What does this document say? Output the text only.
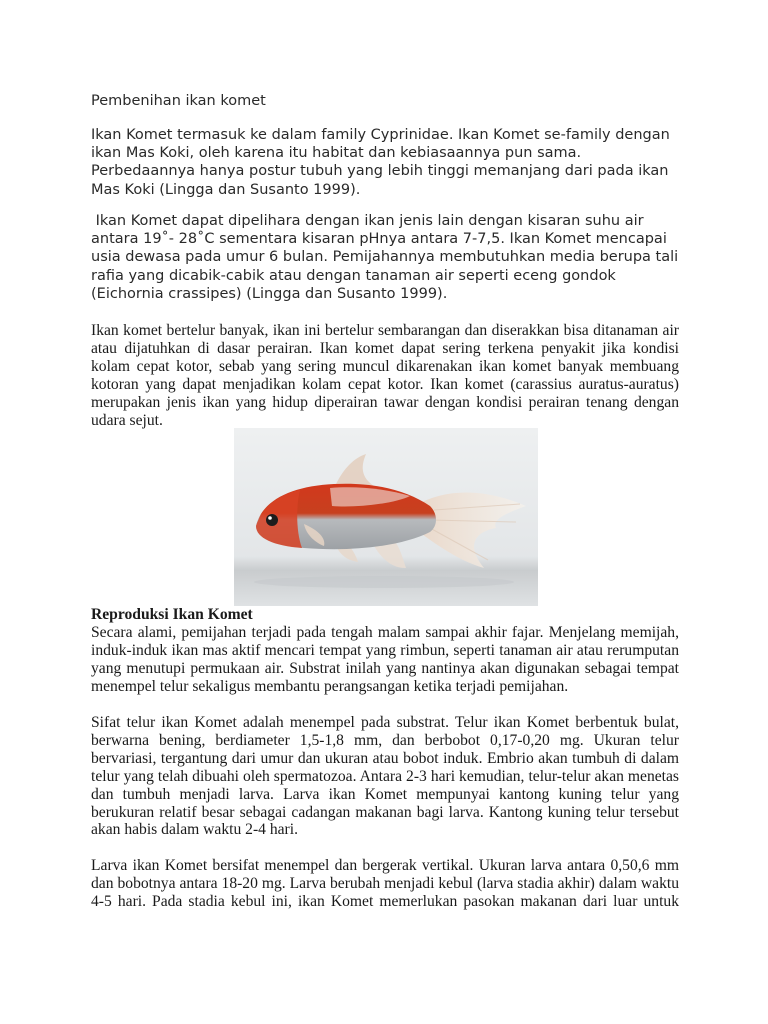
Pembenihan ikan komet

Ikan Komet termasuk ke dalam family Cyprinidae. Ikan Komet se-family dengan ikan Mas Koki, oleh karena itu habitat dan kebiasaannya pun sama. Perbedaannya hanya postur tubuh yang lebih tinggi memanjang dari pada ikan Mas Koki (Lingga dan Susanto 1999).

Ikan Komet dapat dipelihara dengan ikan jenis lain dengan kisaran suhu air antara 19˚- 28˚C sementara kisaran pHnya antara 7-7,5. Ikan Komet mencapai usia dewasa pada umur 6 bulan. Pemijahannya membutuhkan media berupa tali rafia yang dicabik-cabik atau dengan tanaman air seperti eceng gondok (Eichornia crassipes) (Lingga dan Susanto 1999).

Ikan komet bertelur banyak, ikan ini bertelur sembarangan dan diserakkan bisa ditanaman air atau dijatuhkan di dasar perairan. Ikan komet dapat sering terkena penyakit jika kondisi kolam cepat kotor, sebab yang sering muncul dikarenakan ikan komet banyak membuang kotoran yang dapat menjadikan kolam cepat kotor. Ikan komet (carassius auratus-auratus) merupakan jenis ikan yang hidup diperairan tawar dengan kondisi perairan tenang dengan udara sejut.

Reproduksi Ikan Komet

Secara alami, pemijahan terjadi pada tengah malam sampai akhir fajar. Menjelang memijah, induk-induk ikan mas aktif mencari tempat yang rimbun, seperti tanaman air atau rerumputan yang menutupi permukaan air. Substrat inilah yang nantinya akan digunakan sebagai tempat menempel telur sekaligus membantu perangsangan ketika terjadi pemijahan.

Sifat telur ikan Komet adalah menempel pada substrat. Telur ikan Komet berbentuk bulat, berwarna bening, berdiameter 1,5-1,8 mm, dan berbobot 0,17-0,20 mg. Ukuran telur bervariasi, tergantung dari umur dan ukuran atau bobot induk. Embrio akan tumbuh di dalam telur yang telah dibuahi oleh spermatozoa. Antara 2-3 hari kemudian, telur-telur akan menetas dan tumbuh menjadi larva. Larva ikan Komet mempunyai kantong kuning telur yang berukuran relatif besar sebagai cadangan makanan bagi larva. Kantong kuning telur tersebut akan habis dalam waktu 2-4 hari.

Larva ikan Komet bersifat menempel dan bergerak vertikal. Ukuran larva antara 0,50,6 mm dan bobotnya antara 18-20 mg. Larva berubah menjadi kebul (larva stadia akhir) dalam waktu 4-5 hari. Pada stadia kebul ini, ikan Komet memerlukan pasokan makanan dari luar untuk
